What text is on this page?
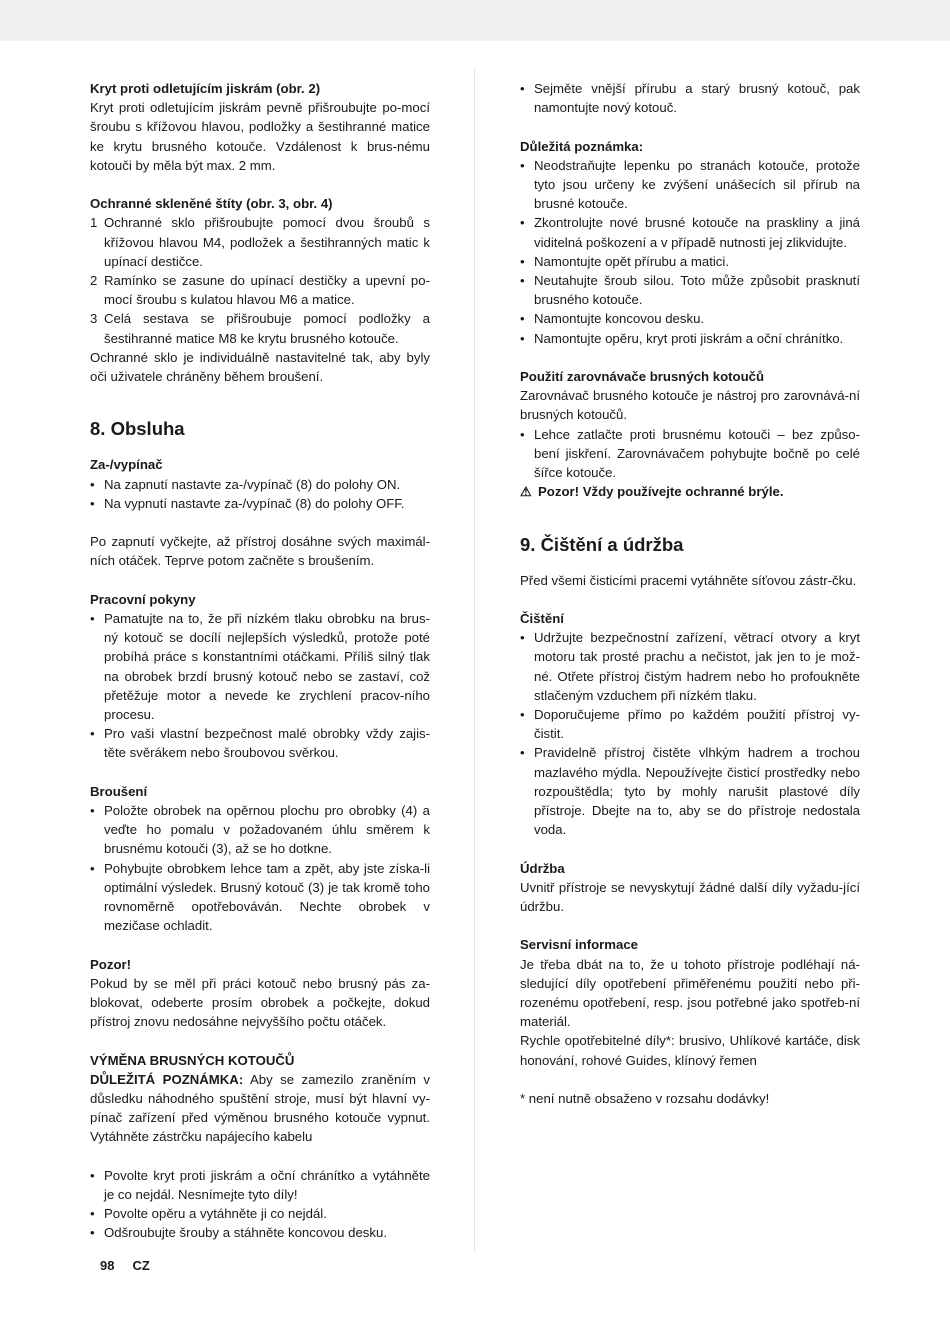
Kryt proti odletujícím jiskrám (obr. 2)

Kryt proti odletujícím jiskrám pevně přišroubujte po-mocí šroubu s křížovou hlavou, podložky a šestihranné matice ke krytu brusného kotouče. Vzdálenost k brus-nému kotouči by měla být max. 2 mm.

Ochranné skleněné štíty (obr. 3, obr. 4)

1 Ochranné sklo přišroubujte pomocí dvou šroubů s křížovou hlavou M4, podložek a šestihranných matic k upínací destičce.
2 Ramínko se zasune do upínací destičky a upevní po-mocí šroubu s kulatou hlavou M6 a matice.
3 Celá sestava se přišroubuje pomocí podložky a šestihranné matice M8 ke krytu brusného kotouče.

Ochranné sklo je individuálně nastavitelné tak, aby byly oči uživatele chráněny během broušení.

8. Obsluha

Za-/vypínač

• Na zapnutí nastavte za-/vypínač (8) do polohy ON.
• Na vypnutí nastavte za-/vypínač (8) do polohy OFF.

Po zapnutí vyčkejte, až přístroj dosáhne svých maximál-ních otáček. Teprve potom začněte s broušením.

Pracovní pokyny

• Pamatujte na to, že při nízkém tlaku obrobku na brus-ný kotouč se docílí nejlepších výsledků, protože poté probíhá práce s konstantními otáčkami. Příliš silný tlak na obrobek brzdí brusný kotouč nebo se zastaví, což přetěžuje motor a nevede ke zrychlení pracov-ního procesu.
• Pro vaši vlastní bezpečnost malé obrobky vždy zajis-těte svěrákem nebo šroubovou svěrkou.

Broušení

• Položte obrobek na opěrnou plochu pro obrobky (4) a veďte ho pomalu v požadovaném úhlu směrem k brusnému kotouči (3), až se ho dotkne.
• Pohybujte obrobkem lehce tam a zpět, aby jste získa-li optimální výsledek. Brusný kotouč (3) je tak kromě toho rovnoměrně opotřebováván. Nechte obrobek v mezičase ochladit.

Pozor!

Pokud by se měl při práci kotouč nebo brusný pás za-blokovat, odeberte prosím obrobek a počkejte, dokud přístroj znovu nedosáhne nejvyššího počtu otáček.

VÝMĚNA BRUSNÝCH KOTOUČŮ

DŮLEŽITÁ POZNÁMKA: Aby se zamezilo zraněním v důsledku náhodného spuštění stroje, musí být hlavní vy-pínač zařízení před výměnou brusného kotouče vypnut. Vytáhněte zástrčku napájecího kabelu

• Povolte kryt proti jiskrám a oční chránítko a vytáhněte je co nejdál. Nesnímejte tyto díly!
• Povolte opěru a vytáhněte ji co nejdál.
• Odšroubujte šrouby a stáhněte koncovou desku.
• Sejměte vnější přírubu a starý brusný kotouč, pak namontujte nový kotouč.

Důležitá poznámka:

• Neodstraňujte lepenku po stranách kotouče, protože tyto jsou určeny ke zvýšení unášecích sil přírub na brusné kotouče.
• Zkontrolujte nové brusné kotouče na praskliny a jiná viditelná poškození a v případě nutnosti jej zlikvidujte.
• Namontujte opět přírubu a matici.
• Neutahujte šroub silou. Toto může způsobit prasknutí brusného kotouče.
• Namontujte koncovou desku.
• Namontujte opěru, kryt proti jiskrám a oční chránítko.

Použití zarovnávače brusných kotoučů

Zarovnávač brusného kotouče je nástroj pro zarovnává-ní brusných kotoučů.

• Lehce zatlačte proti brusnému kotouči – bez způso-bení jiskření. Zarovnávačem pohybujte bočně po celé šířce kotouče.

⚠ Pozor! Vždy používejte ochranné brýle.

9. Čištění a údržba

Před všemi čisticími pracemi vytáhněte síťovou zástr-čku.

Čištění

• Udržujte bezpečnostní zařízení, větrací otvory a kryt motoru tak prosté prachu a nečistot, jak jen to je mož-né. Otřete přístroj čistým hadrem nebo ho profoukněte stlačeným vzduchem při nízkém tlaku.
• Doporučujeme přímo po každém použití přístroj vy-čistit.
• Pravidelně přístroj čistěte vlhkým hadrem a trochou mazlavého mýdla. Nepoužívejte čisticí prostředky nebo rozpouštědla; tyto by mohly narušit plastové díly přístroje. Dbejte na to, aby se do přístroje nedostala voda.

Údržba

Uvnitř přístroje se nevyskytují žádné další díly vyžadu-jící údržbu.

Servisní informace

Je třeba dbát na to, že u tohoto přístroje podléhají ná-sledující díly opotřebení přiměřenému použití nebo při-rozenému opotřebení, resp. jsou potřebné jako spotřeb-ní materiál.

Rychle opotřebitelné díly*: brusivo, Uhlíkové kartáče, disk honování, rohové Guides, klínový řemen

* není nutně obsaženo v rozsahu dodávky!

98 CZ
